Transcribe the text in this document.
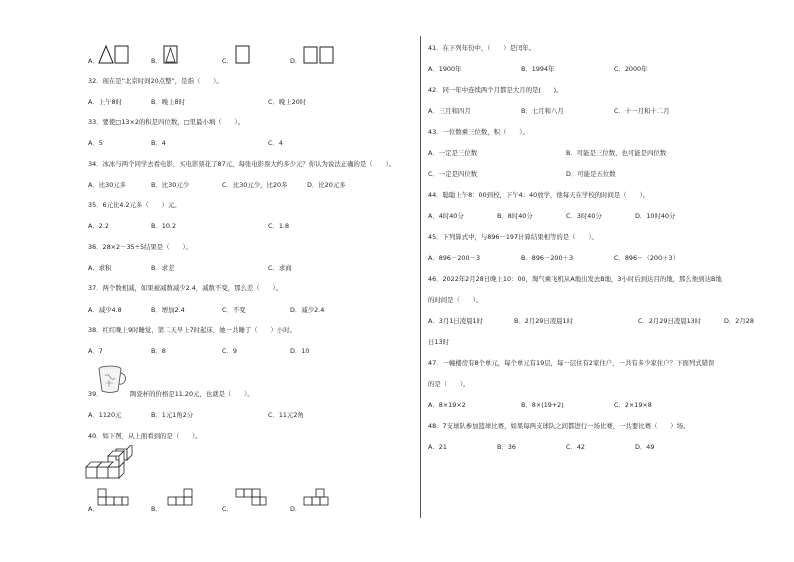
A．	B．	C．	D．
32．现在是“北京时间20点整”，是指（　　）。
A．上午8时	B．晚上8时	C．晚上20时
33．要使□13×2的积是四位数，□里最小填（　　）。
A．5	B．4	C．4
34．冰冰与两个同学去看电影，买电影票花了87元，每张电影票大约多少元？你认为说法正确的是（　　）。
A．比30元多	B．比30元少	C．比30元少，比20多	D．比20元多
35．6元比4.2元多（　　）元。
A．2.2	B．10.2	C．1.8
36．28×2－35÷5结果是（　　）。
A．求积	B．求差	C．求商
37．两个数相减，如果被减数减少2.4，减数不变，那么差（　　）。
A．减少4.8	B．增加2.4	C．不变	D．减少2.4
38．红红晚上9时睡觉，第二天早上7时起床，她一共睡了（　　）小时。
A．7	B．8	C．9	D．10
39．	陶瓷杯的价格是11.20元，也就是（　　）。
A．1120元	B．1元1角2分	C．11元2角
40．如下图，从上面看到的是（　　）。
A．	B．	C．	D．
41．在下列年份中，（　　）是闰年。
A．1900年	B．1994年	C．2000年
42．同一年中连续两个月都是大月的是(　　)。
A．三月和四月	B．七月和八月	C．十一月和十二月
43．一位数乘三位数，积（　　）。
A．一定是三位数	B．可能是三位数，也可能是四位数
C．一定是四位数	D．可能是五位数
44．聪聪上午8：00到校，下午4：40放学，他每天在学校的时间是（　　）。
A．4时40分	B．8时40分	C．3时40分	D．10时40分
45．下列算式中，与896－197计算结果相等的是（　　）。
A．896－200－3	B．896－200＋3	C．896－（200＋3）
46．2022年2月28日晚上10：00，淘气乘飞机从A地出发去B地，3小时后到达目的地，那么他到达B地
的时间是（　　）。
A．3月1日凌晨1时	B．2月29日凌晨1时	C．2月29日凌晨13时	D．2月28
日13时
47．一幢楼房有8个单元，每个单元有19层，每一层住有2家住户，一共有多少家住户？下面列式错误
的是（　　）。
A．8×19×2	B．8×(19+2)	C．2×19×8
48．7支球队参加篮球比赛，如果每两支球队之间都进行一场比赛，一共要比赛（　　）场。
A．21	B．36	C．42	D．49
